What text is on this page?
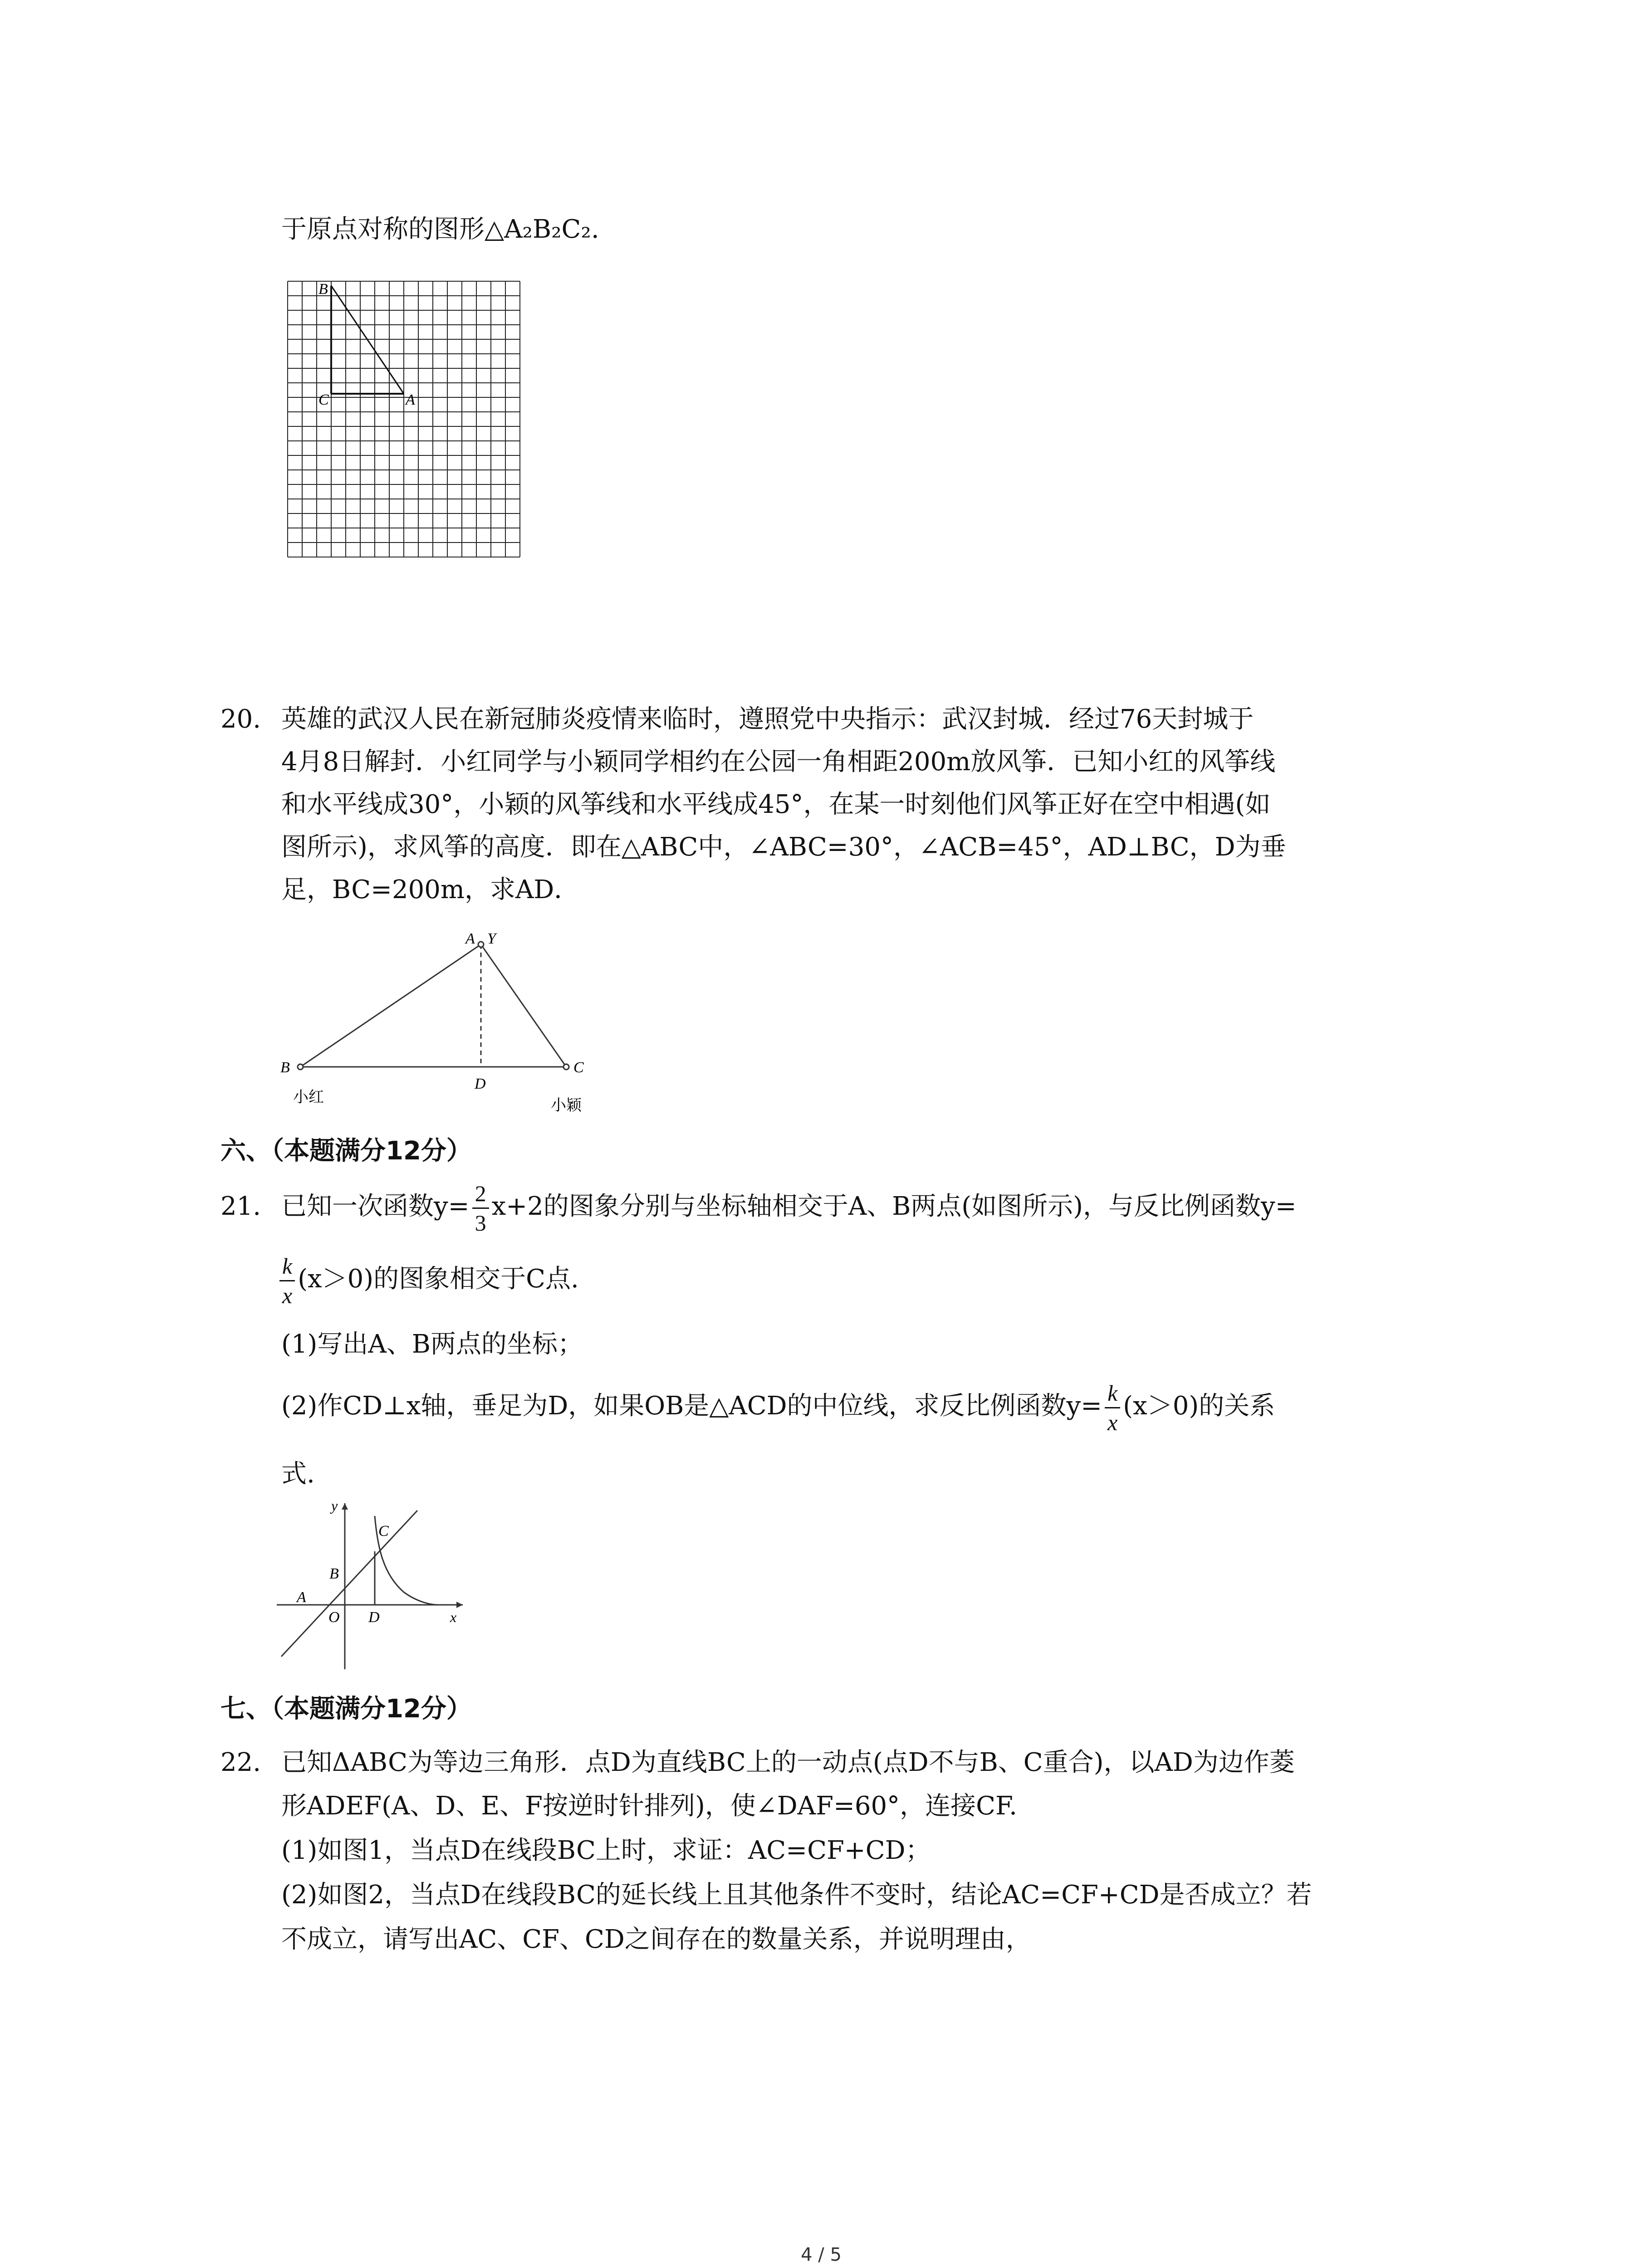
于原点对称的图形△A₂B₂C₂.
B
C	A
20. 英雄的武汉人民在新冠肺炎疫情来临时，遵照党中央指示：武汉封城．经过76天封城于
4月8日解封．小红同学与小颖同学相约在公园一角相距200m放风筝．已知小红的风筝线
和水平线成30°，小颖的风筝线和水平线成45°，在某一时刻他们风筝正好在空中相遇(如
图所示)，求风筝的高度．即在△ABC中，∠ABC=30°，∠ACB=45°，AD⊥BC，D为垂
足，BC=200m，求AD．
A Y
B
D
C
小红	小颖
六、（本题满分12分）
21. 已知一次函数$y= \frac{2}{3} x+2$的图象分别与坐标轴相交于A、B两点(如图所示)，与反比例函数y=
$\frac{k}{x} (x>0)$的图象相交于C点.
(1)写出A、B两点的坐标；
(2)作CD⊥x轴，垂足为D，如果OB是△ACD的中位线，求反比例函数$y= \frac{k}{x} (x>0)$的关系
式.
y
C
B
A
O D	x
七、（本题满分12分）
22. 已知ΔABC为等边三角形．点D为直线BC上的一动点(点D不与B、C重合)，以AD为边作菱
形ADEF(A、D、E、F按逆时针排列)，使∠DAF=60°，连接CF.
(1)如图1，当点D在线段BC上时，求证：AC=CF+CD；
(2)如图2，当点D在线段BC的延长线上且其他条件不变时，结论AC=CF+CD是否成立？若
不成立，请写出AC、CF、CD之间存在的数量关系，并说明理由，
4 / 5
